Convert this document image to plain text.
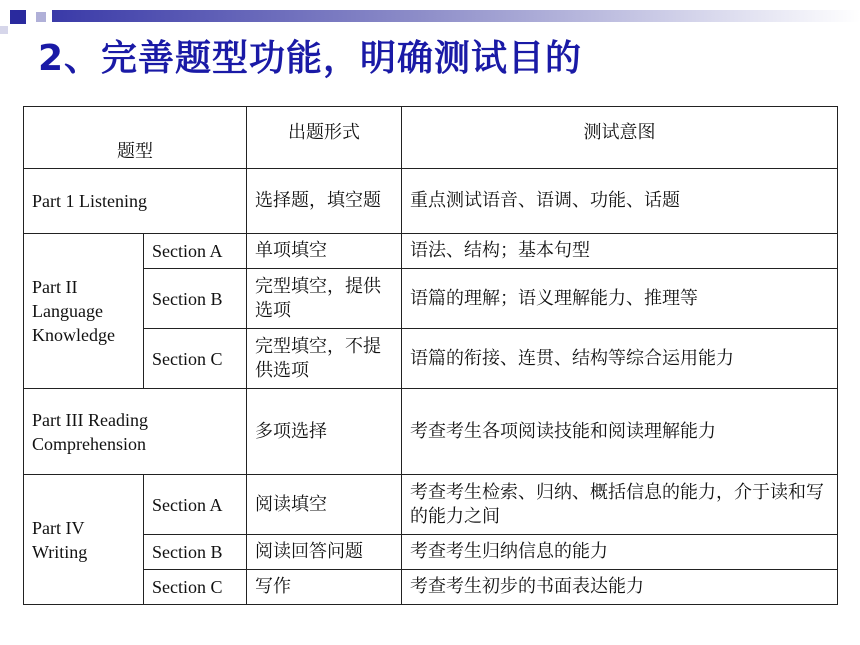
2、完善题型功能，明确测试目的
题型		出题形式	测试意图
Part 1 Listening		选择题，填空题	重点测试语音、语调、功能、话题
Part II Language Knowledge	Section A	单项填空	语法、结构；基本句型
	Section B	完型填空，提供选项	语篇的理解；语义理解能力、推理等
	Section C	完型填空，不提供选项	语篇的衔接、连贯、结构等综合运用能力
Part III Reading Comprehension		多项选择	考查考生各项阅读技能和阅读理解能力
Part IV Writing	Section A	阅读填空	考查考生检索、归纳、概括信息的能力，介于读和写的能力之间
	Section B	阅读回答问题	考查考生归纳信息的能力
	Section C	写作	考查考生初步的书面表达能力
